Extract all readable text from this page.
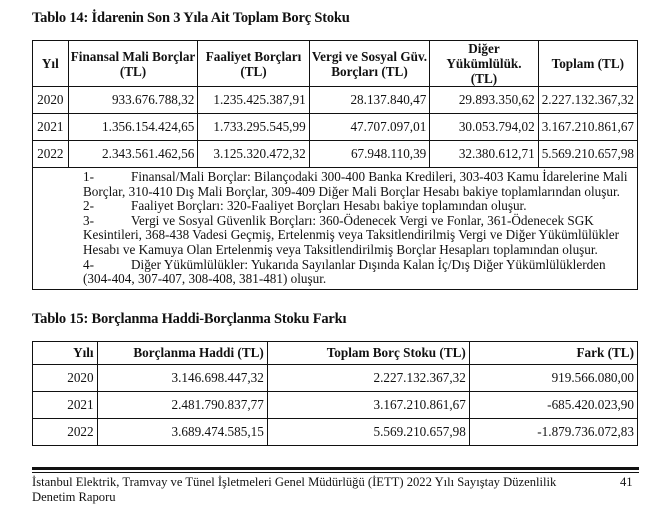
Tablo 14: İdarenin Son 3 Yıla Ait Toplam Borç Stoku
Yıl	Finansal Mali Borçlar (TL)	Faaliyet Borçları (TL)	Vergi ve Sosyal Güv. Borçları (TL)	Diğer Yükümlülük. (TL)	Toplam (TL)
2020	933.676.788,32	1.235.425.387,91	28.137.840,47	29.893.350,62	2.227.132.367,32
2021	1.356.154.424,65	1.733.295.545,99	47.707.097,01	30.053.794,02	3.167.210.861,67
2022	2.343.561.462,56	3.125.320.472,32	67.948.110,39	32.380.612,71	5.569.210.657,98

1- Finansal/Mali Borçlar: Bilançodaki 300-400 Banka Kredileri, 303-403 Kamu İdarelerine Mali Borçlar, 310-410 Dış Mali Borçlar, 309-409 Diğer Mali Borçlar Hesabı bakiye toplamlarından oluşur.
2- Faaliyet Borçları: 320-Faaliyet Borçları Hesabı bakiye toplamından oluşur.
3- Vergi ve Sosyal Güvenlik Borçları: 360-Ödenecek Vergi ve Fonlar, 361-Ödenecek SGK Kesintileri, 368-438 Vadesi Geçmiş, Ertelenmiş veya Taksitlendirilmiş Vergi ve Diğer Yükümlülükler Hesabı ve Kamuya Olan Ertelenmiş veya Taksitlendirilmiş Borçlar Hesapları toplamından oluşur.
4- Diğer Yükümlülükler: Yukarıda Sayılanlar Dışında Kalan İç/Dış Diğer Yükümlülüklerden (304-404, 307-407, 308-408, 381-481) oluşur.					
Tablo 15: Borçlanma Haddi-Borçlanma Stoku Farkı
Yılı	Borçlanma Haddi (TL)	Toplam Borç Stoku (TL)	Fark (TL)
2020	3.146.698.447,32	2.227.132.367,32	919.566.080,00
2021	2.481.790.837,77	3.167.210.861,67	-685.420.023,90
2022	3.689.474.585,15	5.569.210.657,98	-1.879.736.072,83
İstanbul Elektrik, Tramvay ve Tünel İşletmeleri Genel Müdürlüğü (İETT) 2022 Yılı Sayıştay Düzenlilik Denetim Raporu
41
